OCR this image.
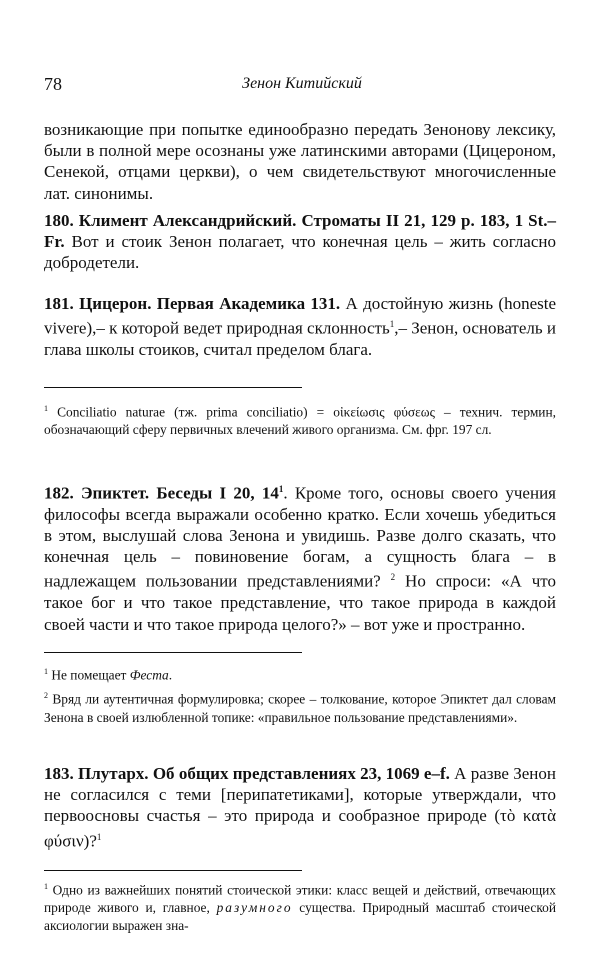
78	Зенон Китийский

возникающие при попытке единообразно передать Зенонову лексику, были в полной мере осознаны уже латинскими авторами (Цицероном, Сенекой, отцами церкви), о чем свидетельствуют многочисленные лат. синонимы.

180. Климент Александрийский. Строматы II 21, 129 p. 183, 1 St.–Fr. Вот и стоик Зенон полагает, что конечная цель – жить согласно добродетели.

181. Цицерон. Первая Академика 131. А достойную жизнь (honeste vivere),– к которой ведет природная склонность$^1$,– Зенон, основатель и глава школы стоиков, считал пределом блага.

$^1$ Conciliatio naturae (тж. prima conciliatio) = οἰκείωσις φύσεως – технич. термин, обозначающий сферу первичных влечений живого организма. См. фрг. 197 сл.

182. Эпиктет. Беседы I 20, $14^1$. Кроме того, основы своего учения философы всегда выражали особенно кратко. Если хочешь убедиться в этом, выслушай слова Зенона и увидишь. Разве долго сказать, что конечная цель – повиновение богам, а сущность блага – в надлежащем пользовании представлениями? $^2$ Но спроси: «А что такое бог и что такое представление, что такое природа в каждой своей части и что такое природа целого?» – вот уже и пространно.

$^1$ Не помещает Феста.

$^2$ Вряд ли аутентичная формулировка; скорее – толкование, которое Эпиктет дал словам Зенона в своей излюбленной топике: «правильное пользование представлениями».

183. Плутарх. Об общих представлениях 23, 1069 e–f. А разве Зенон не согласился с теми [перипатетиками], которые утверждали, что первоосновы счастья – это природа и сообразное природе (τὸ κατὰ φύσιν)?$^1$

$^1$ Одно из важнейших понятий стоической этики: класс вещей и действий, отвечающих природе живого и, главное, разумного существа. Природный масштаб стоической аксиологии выражен зна-
